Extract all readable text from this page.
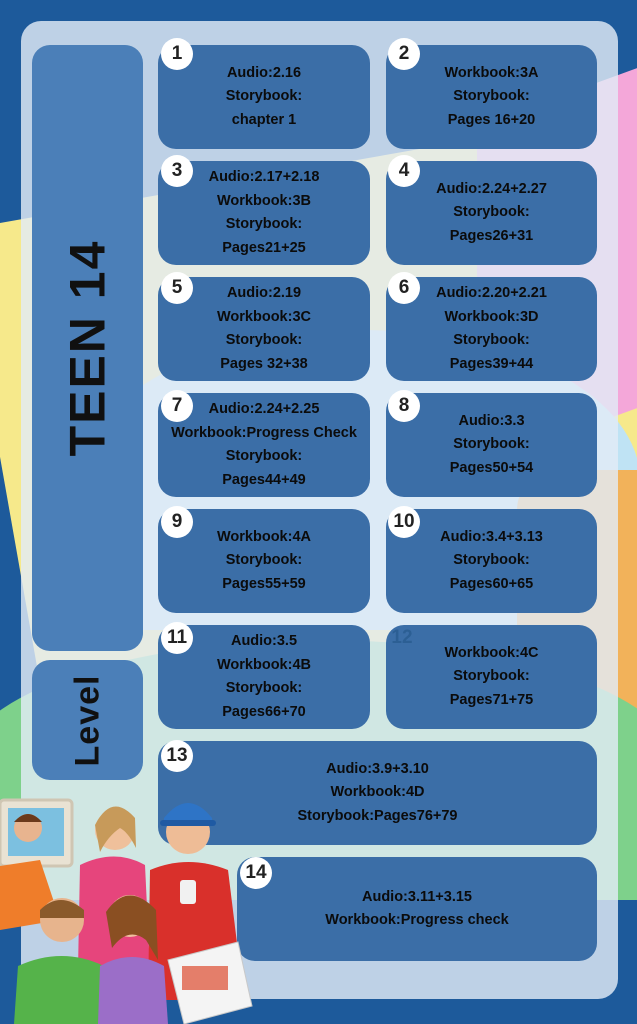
TEEN 14
Level
Audio:2.16
Storybook:
chapter 1
Workbook:3A
Storybook:
Pages 16+20
Audio:2.17+2.18
Workbook:3B
Storybook:
Pages21+25
Audio:2.24+2.27
Storybook:
Pages26+31
Audio:2.19
Workbook:3C
Storybook:
Pages 32+38
Audio:2.20+2.21
Workbook:3D
Storybook:
Pages39+44
Audio:2.24+2.25
Workbook:Progress Check
Storybook:
Pages44+49
Audio:3.3
Storybook:
Pages50+54
Workbook:4A
Storybook:
Pages55+59
Audio:3.4+3.13
Storybook:
Pages60+65
Audio:3.5
Workbook:4B
Storybook:
Pages66+70
Workbook:4C
Storybook:
Pages71+75
Audio:3.9+3.10
Workbook:4D
Storybook:Pages76+79
Audio:3.11+3.15
Workbook:Progress check
1	2
3	4
5	6
7	8
9	10
11	12
13
14
